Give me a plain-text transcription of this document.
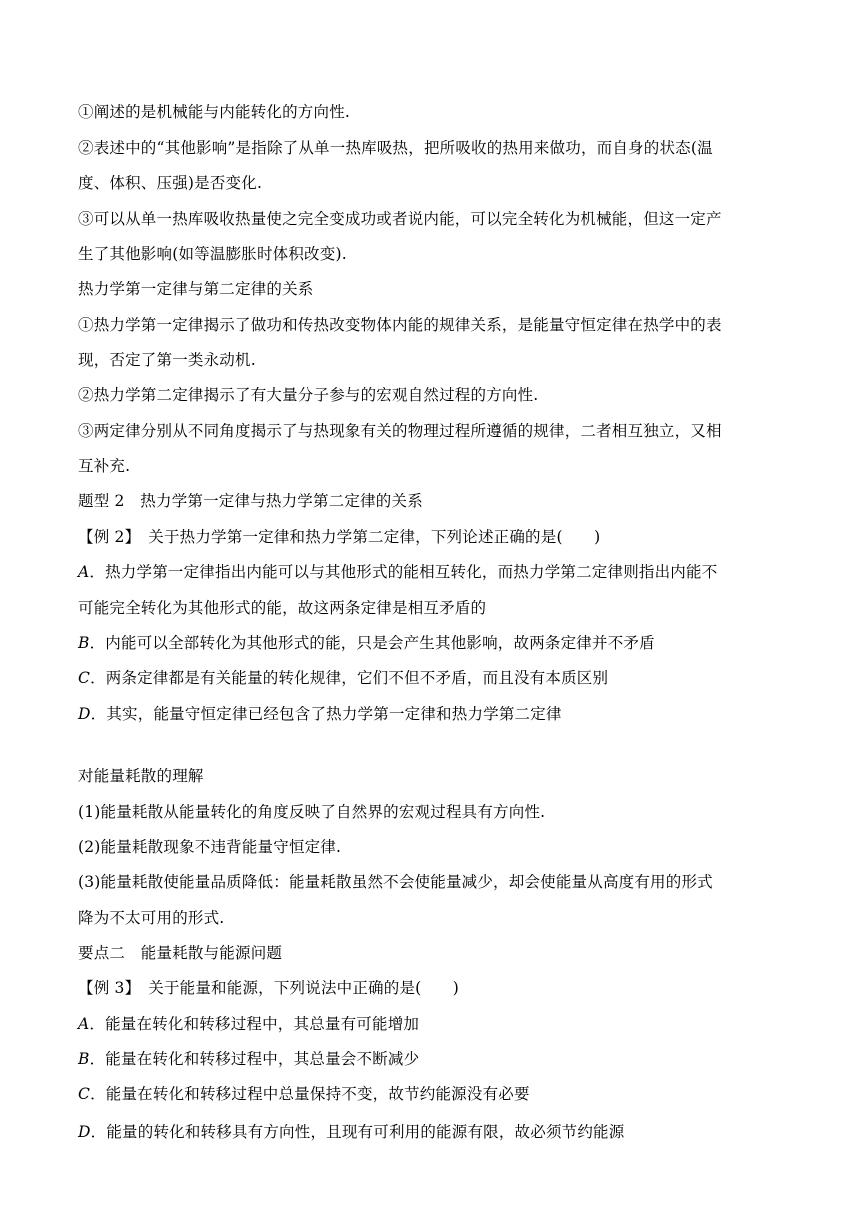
①阐述的是机械能与内能转化的方向性.
②表述中的“其他影响”是指除了从单一热库吸热，把所吸收的热用来做功，而自身的状态(温
度、体积、压强)是否变化.
③可以从单一热库吸收热量使之完全变成功或者说内能，可以完全转化为机械能，但这一定产
生了其他影响(如等温膨胀时体积改变).
热力学第一定律与第二定律的关系
①热力学第一定律揭示了做功和传热改变物体内能的规律关系，是能量守恒定律在热学中的表
现，否定了第一类永动机.
②热力学第二定律揭示了有大量分子参与的宏观自然过程的方向性.
③两定律分别从不同角度揭示了与热现象有关的物理过程所遵循的规律，二者相互独立，又相
互补充.
题型 2　热力学第一定律与热力学第二定律的关系
【例 2】　关于热力学第一定律和热力学第二定律，下列论述正确的是(　　)
A．热力学第一定律指出内能可以与其他形式的能相互转化，而热力学第二定律则指出内能不
可能完全转化为其他形式的能，故这两条定律是相互矛盾的
B．内能可以全部转化为其他形式的能，只是会产生其他影响，故两条定律并不矛盾
C．两条定律都是有关能量的转化规律，它们不但不矛盾，而且没有本质区别
D．其实，能量守恒定律已经包含了热力学第一定律和热力学第二定律
对能量耗散的理解
(1)能量耗散从能量转化的角度反映了自然界的宏观过程具有方向性.
(2)能量耗散现象不违背能量守恒定律.
(3)能量耗散使能量品质降低：能量耗散虽然不会使能量减少，却会使能量从高度有用的形式
降为不太可用的形式.
要点二　能量耗散与能源问题
【例 3】　关于能量和能源，下列说法中正确的是(　　)
A．能量在转化和转移过程中，其总量有可能增加
B．能量在转化和转移过程中，其总量会不断减少
C．能量在转化和转移过程中总量保持不变，故节约能源没有必要
D．能量的转化和转移具有方向性，且现有可利用的能源有限，故必须节约能源
